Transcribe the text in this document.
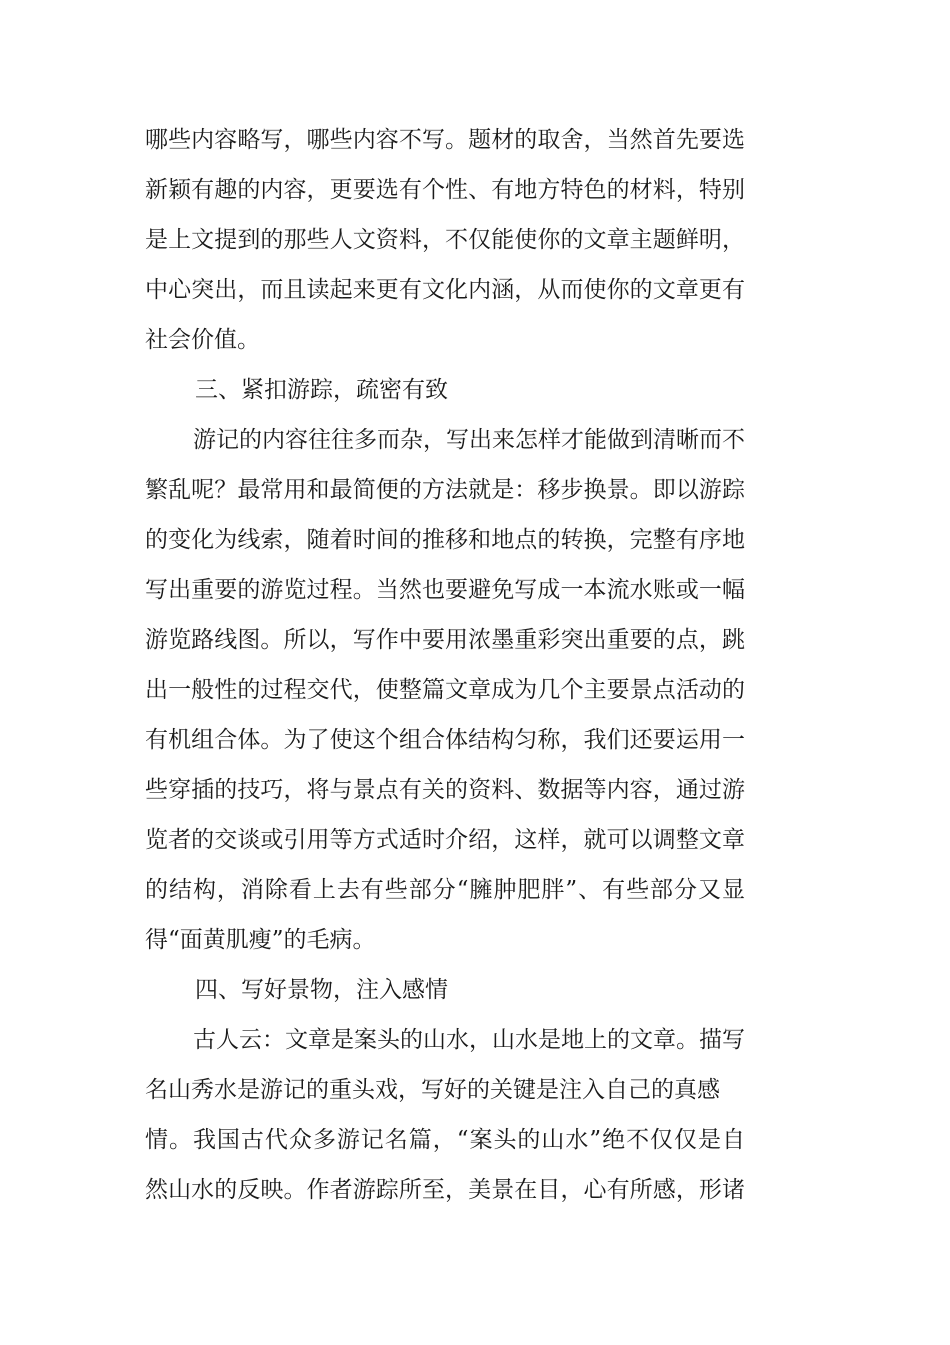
哪些内容略写，哪些内容不写。题材的取舍，当然首先要选
新颖有趣的内容，更要选有个性、有地方特色的材料，特别
是上文提到的那些人文资料，不仅能使你的文章主题鲜明，
中心突出，而且读起来更有文化内涵，从而使你的文章更有
社会价值。
三、紧扣游踪，疏密有致
游记的内容往往多而杂，写出来怎样才能做到清晰而不
繁乱呢？最常用和最简便的方法就是：移步换景。即以游踪
的变化为线索，随着时间的推移和地点的转换，完整有序地
写出重要的游览过程。当然也要避免写成一本流水账或一幅
游览路线图。所以，写作中要用浓墨重彩突出重要的点，跳
出一般性的过程交代，使整篇文章成为几个主要景点活动的
有机组合体。为了使这个组合体结构匀称，我们还要运用一
些穿插的技巧，将与景点有关的资料、数据等内容，通过游
览者的交谈或引用等方式适时介绍，这样，就可以调整文章
的结构，消除看上去有些部分“臃肿肥胖”、有些部分又显
得“面黄肌瘦”的毛病。
四、写好景物，注入感情
古人云：文章是案头的山水，山水是地上的文章。描写
名山秀水是游记的重头戏，写好的关键是注入自己的真感
情。我国古代众多游记名篇，“案头的山水”绝不仅仅是自
然山水的反映。作者游踪所至，美景在目，心有所感，形诸
